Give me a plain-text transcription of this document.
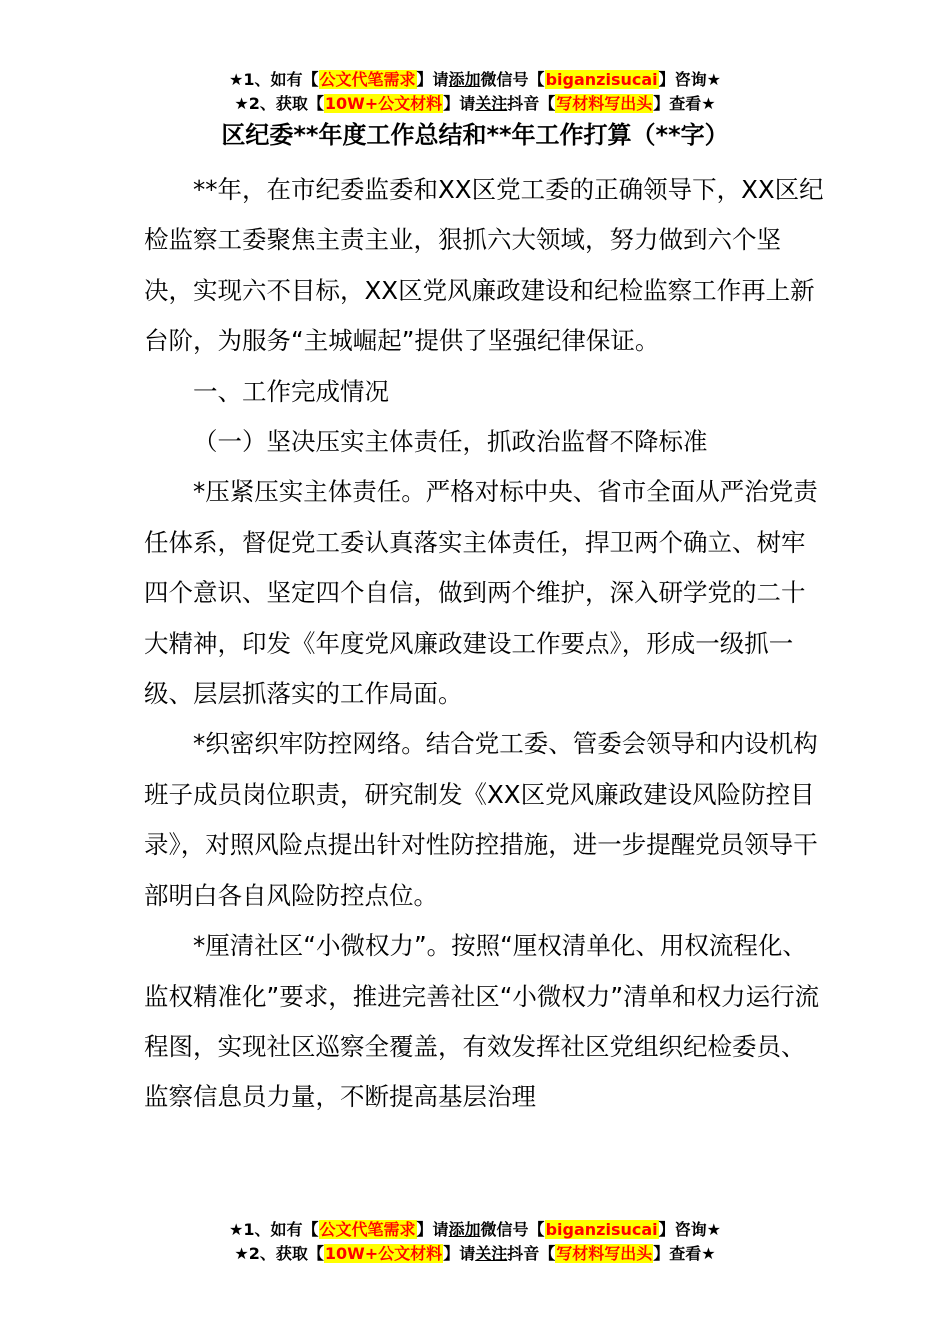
★1、如有【公文代笔需求】请添加微信号【biganzisucai】咨询★
★2、获取【10W+公文材料】请关注抖音【写材料写出头】查看★
区纪委**年度工作总结和**年工作打算（**字）

**年，在市纪委监委和XX区党工委的正确领导下，XX区纪检监察工委聚焦主责主业，狠抓六大领域，努力做到六个坚决，实现六不目标，XX区党风廉政建设和纪检监察工作再上新台阶，为服务“主城崛起”提供了坚强纪律保证。

一、工作完成情况

（一）坚决压实主体责任，抓政治监督不降标准

*压紧压实主体责任。严格对标中央、省市全面从严治党责任体系，督促党工委认真落实主体责任，捍卫两个确立、树牢四个意识、坚定四个自信，做到两个维护，深入研学党的二十大精神，印发《年度党风廉政建设工作要点》，形成一级抓一级、层层抓落实的工作局面。

*织密织牢防控网络。结合党工委、管委会领导和内设机构班子成员岗位职责，研究制发《XX区党风廉政建设风险防控目录》，对照风险点提出针对性防控措施，进一步提醒党员领导干部明白各自风险防控点位。

*厘清社区“小微权力”。按照“厘权清单化、用权流程化、监权精准化”要求，推进完善社区“小微权力”清单和权力运行流程图，实现社区巡察全覆盖，有效发挥社区党组织纪检委员、监察信息员力量，不断提高基层治理

★1、如有【公文代笔需求】请添加微信号【biganzisucai】咨询★
★2、获取【10W+公文材料】请关注抖音【写材料写出头】查看★
